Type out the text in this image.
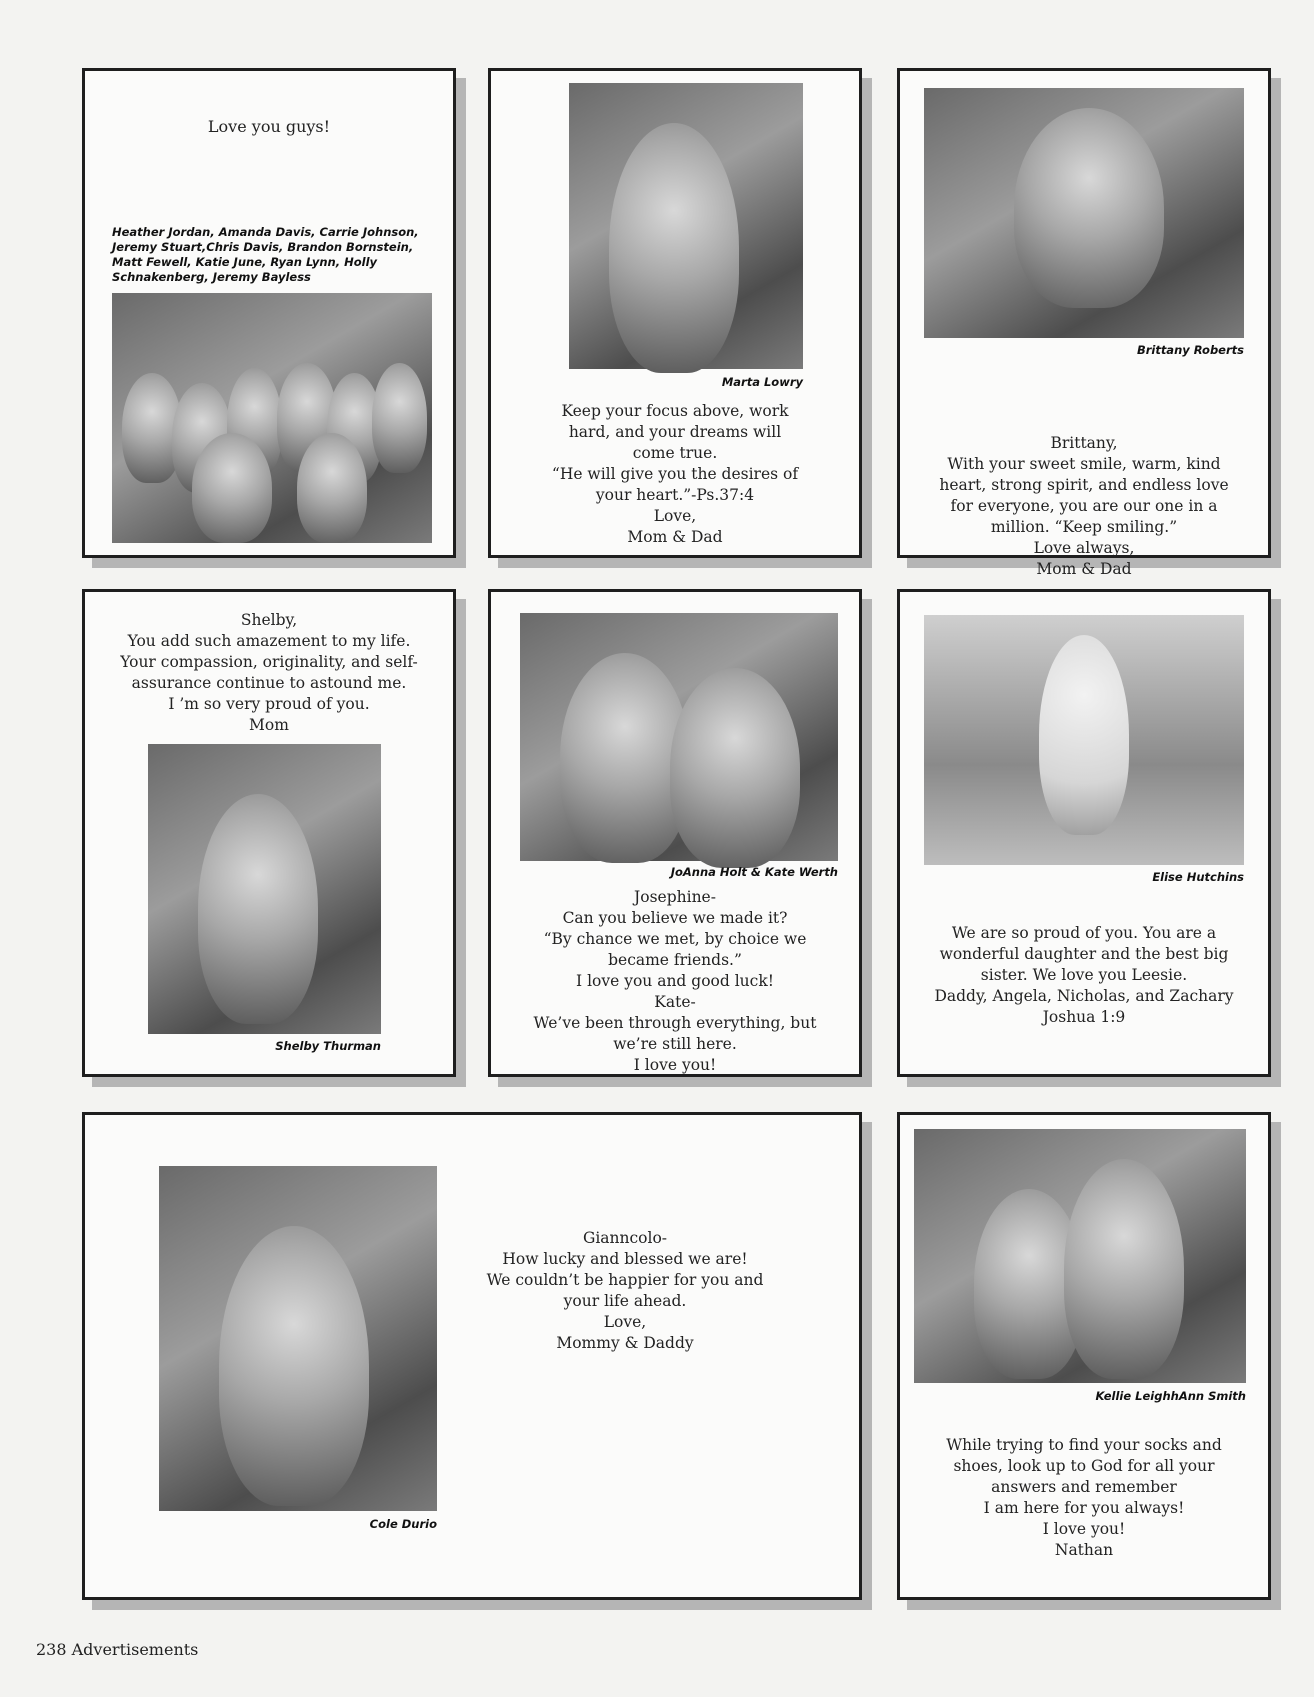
Love you guys!
Heather Jordan, Amanda Davis, Carrie Johnson, Jeremy Stuart,Chris Davis, Brandon Bornstein, Matt Fewell, Katie June, Ryan Lynn, Holly Schnakenberg, Jeremy Bayless
Marta Lowry
Keep your focus above, work
hard, and your dreams will
come true.
“He will give you the desires of
your heart.”-Ps.37:4
Love,
Mom & Dad
Brittany Roberts
Brittany,
With your sweet smile, warm, kind
heart, strong spirit, and endless love
for everyone, you are our one in a
million. “Keep smiling.”
Love always,
Mom & Dad
Shelby,
You add such amazement to my life.
Your compassion, originality, and self-
assurance continue to astound me.
I ’m so very proud of you.
Mom
Shelby Thurman
JoAnna Holt & Kate Werth
Josephine-
Can you believe we made it?
“By chance we met, by choice we
became friends.”
I love you and good luck!
Kate-
We’ve been through everything, but
we’re still here.
I love you!
Elise Hutchins
We are so proud of you. You are a
wonderful daughter and the best big
sister. We love you Leesie.
Daddy, Angela, Nicholas, and Zachary
Joshua 1:9
Cole Durio
Gianncolo-
How lucky and blessed we are!
We couldn’t be happier for you and
your life ahead.
Love,
Mommy & Daddy
Kellie LeighhAnn Smith
While trying to find your socks and
shoes, look up to God for all your
answers and remember
I am here for you always!
I love you!
Nathan
238 Advertisements
